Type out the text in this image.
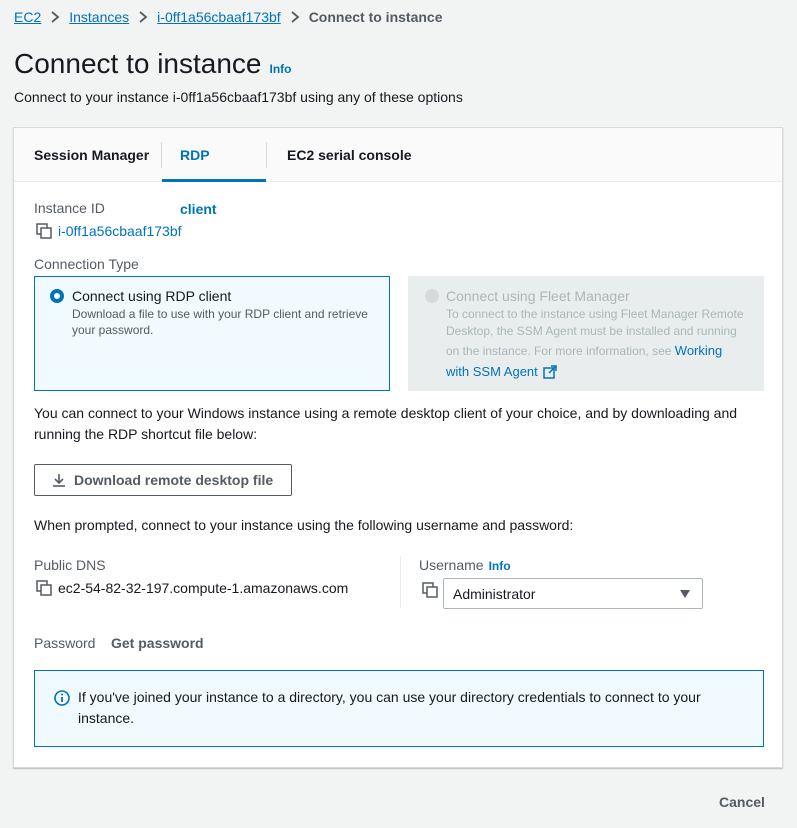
EC2 Instances i-0ff1a56cbaaf173bf Connect to instance
Connect to instance Info
Connect to your instance i-0ff1a56cbaaf173bf using any of these options
Session Manager	RDP client
EC2 serial console
Instance ID
i-0ff1a56cbaaf173bf
Connection Type
Connect using RDP client
Download a file to use with your RDP client and retrieve
your password.
Connect using Fleet Manager
To connect to the instance using Fleet Manager Remote
Desktop, the SSM Agent must be installed and running
on the instance. For more information, see Working
with SSM Agent
You can connect to your Windows instance using a remote desktop client of your choice, and by downloading and
running the RDP shortcut file below:
Download remote desktop file
When prompted, connect to your instance using the following username and password:
Public DNS
ec2-54-82-32-197.compute-1.amazonaws.com
Username Info
Administrator
Password Get password
If you've joined your instance to a directory, you can use your directory credentials to connect to your
instance.
Cancel
